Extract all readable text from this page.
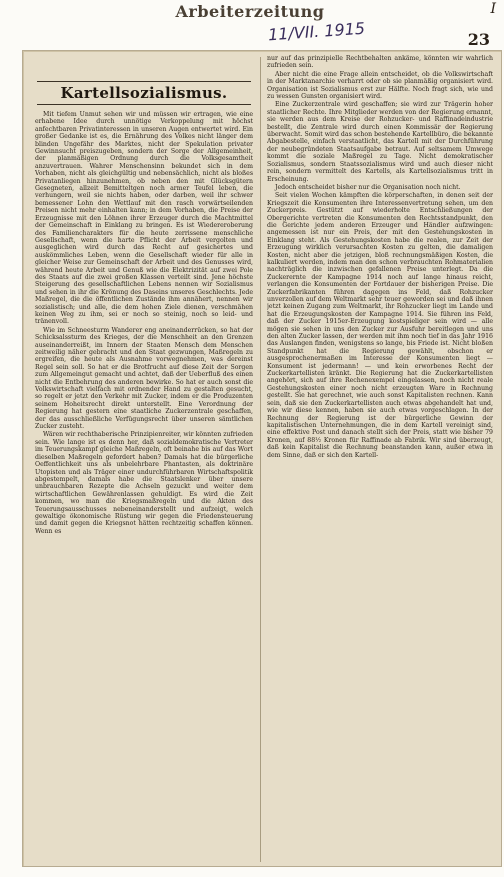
Arbeiterzeitung	I
11/VII. 1915	23
Kartellsozialismus.

Mit tiefem Unmut sehen wir und müssen wir ertragen, wie eine erhabene Idee durch unnötige Verkoppelung mit höchst anfechtbaren Privatinteressen in unseren Augen entwertet wird. Ein großer Gedanke ist es, die Ernährung des Volkes nicht länger dem blinden Ungefähr des Marktes, nicht der Spekulation privater Gewinnsucht preiszugeben, sondern der Sorge der Allgemeinheit, der planmäßigen Ordnung durch die Volksgesamtheit anzuvertrauen. Wahrer Menschensinn bekundet sich in dem Vorhaben, nicht als gleichgültig und nebensächlich, nicht als bloßes Privatanliegen hinzunehmen, ob neben den mit Glücksgütern Gesegneten, allzeit Bemitteltgen noch armer Teufel leben, die verhungern, weil sie nichts haben, oder darben, weil ihr schwer bemessener Lohn den Wettlauf mit den rasch vorwärtseilenden Preisen nicht mehr einhalten kann; in dem Vorhaben, die Preise der Erzeugnisse mit den Löhnen ihrer Erzeuger durch die Machtmittel der Gemeinschaft in Einklang zu bringen. Es ist Wiedereroberung des Familiencharakters für die heute zerrissene menschliche Gesellschaft, wenn die harte Pflicht der Arbeit vergolten und ausgeglichen wird durch das Recht auf gesichertes und auskömmliches Leben, wenn die Gesellschaft wieder für alle in gleicher Weise zur Gemeinschaft der Arbeit und des Genusses wird, während heute Arbeit und Genuß wie die Elektrizität auf zwei Pole des Staats auf die zwei großen Klassen verteilt sind. Jene höchste Steigerung des gesellschaftlichen Lebens nennen wir Sozialismus und sehen in ihr die Krönung des Daseins unseres Geschlechts. Jede Maßregel, die die öffentlichen Zustände ihm annähert, nennen wir sozialistisch; und alle, die dem hohen Ziele dienen, verschmähen keinen Weg zu ihm, sei er noch so steinig, noch so leid- und tränenvoll.

Wie im Schneesturm Wanderer eng aneinanderrücken, so hat der Schicksalssturm des Krieges, der die Menschheit an den Grenzen auseinanderreißt, im Innern der Staaten Mensch dem Menschen zeitweilig näher gebracht und den Staat gezwungen, Maßregeln zu ergreifen, die heute als Ausnahme vorwegnehmen, was dereinst Regel sein soll. So hat er die Brotfrucht auf diese Zeit der Sorgen zum Allgemeingut gemacht und achtet, daß der Ueberfluß des einen nicht die Entbehrung des anderen bewirke. So hat er auch sonst die Volkswirtschaft vielfach mit ordnender Hand zu gestalten gesucht, so regelt er jetzt den Verkehr mit Zucker, indem er die Produzenten seinem Hoheitsrecht direkt unterstellt. Eine Verordnung der Regierung hat gestern eine staatliche Zuckerzentrale geschaffen, der das ausschließliche Verfügungsrecht über unseren sämtlichen Zucker zusteht.

Wären wir rechthaberische Prinzipienreiter, wir könnten zufrieden sein. Wie lange ist es denn her, daß sozialdemokratische Vertreter im Teuerungskampf gleiche Maßregeln, oft beinahe bis auf das Wort dieselben Maßregeln gefordert haben? Damals hat die bürgerliche Oeffentlichkeit uns als unbelehrbare Phantasten, als doktrinäre Utopisten und als Träger einer undurchführbaren Wirtschaftspolitik abgestempelt, damals habe die Staatslenker über unsere unbrauchbaren Rezepte die Achseln gezuckt und weiter dem wirtschaftlichen Gewährenlassen gehuldigt. Es wird die Zeit kommen, wo man die Kriegsmaßregeln und die Akten des Teuerungsausschusses nebeneinanderstellt und aufzeigt, welch gewaltige ökonomische Rüstung wir gegen die Friedensteuerung und damit gegen die Kriegsnot hätten rechtzeitig schaffen können. Wenn es

nur auf das prinzipielle Rechtbehalten ankäme, könnten wir wahrlich zufrieden sein.

Aber nicht die eine Frage allein entscheidet, ob die Volkswirtschaft in der Marktanarchie verharrt oder ob sie planmäßig organisiert wird. Organisation ist Sozialismus erst zur Hälfte. Noch fragt sich, wie und zu wessen Gunsten organisiert wird.

Eine Zuckerzentrale wird geschaffen; sie wird zur Trägerin hoher staatlicher Rechte. Ihre Mitglieder werden von der Regierung ernannt, sie werden aus dem Kreise der Rohzucker- und Raffinadeindustrie bestellt, die Zentrale wird durch einen Kommissär der Regierung überwacht. Somit wird das schon bestehende Kartellbüro, die bekannte Abgabestelle, einfach verstaatlicht, das Kartell mit der Durchführung der neubegründeten Staatsaufgabe betraut. Auf seltsamem Umwege kommt die soziale Maßregel zu Tage. Nicht demokratischer Sozialismus, sondern Staatssozialismus wird und auch dieser nicht rein, sondern vermittelt des Kartells, als Kartellsozialismus tritt in Erscheinung.

Jedoch entscheidet bisher nur die Organisation noch nicht.

Seit vielen Wochen kämpften die körperschaften, in denen seit der Kriegszeit die Konsumenten ihre Interessenvertretung sehen, um den Zuckerpreis. Gestützt auf wiederholte Entschließungen der Obergerichte vertreten die Konsumenten den Rechtsstandpunkt, den die Gerichte jedem anderen Erzeuger und Händler aufzwingen: angemessen ist nur ein Preis, der mit den Gestehungskosten in Einklang steht. Als Gestehungskosten habe die realen, zur Zeit der Erzeugung wirklich verursachten Kosten zu gelten, die damaligen Kosten, nicht aber die jetzigen, bloß rechnungsmäßigen Kosten, die kalkuliert werden, indem man den schon verbrauchten Rohmaterialien nachträglich die inzwischen gefallenen Preise unterlegt. Da die Zuckerernte der Kampagne 1914 noch auf lange hinaus reicht, verlangen die Konsumenten der Fortdauer der bisherigen Preise. Die Zuckerfabrikanten führen dagegen ins Feld, daß Rohzucker unverzollen auf dem Weltmarkt sehr teuer geworden sei und daß ihnen jetzt keinen Zugang zum Weltmarkt, ihr Rohzucker liegt im Lande und hat die Erzeugungskosten der Kampagne 1914. Sie führen ins Feld, daß der Zucker 1915er-Erzeugung kostspieliger sein wird — alle mögen sie sehen in uns den Zucker zur Ausfuhr bereitlegen und uns den alten Zucker lassen, der werden mit ihm noch tief in das Jahr 1916 das Auslangen finden, wenigstens so lange, bis Friede ist. Nicht bloßen Standpunkt hat die Regierung gewählt, obschon er ausgesprochenermaßen im Interesse der Konsumenten liegt — Konsument ist jedermann! — und kein erworbenes Recht der Zuckerkartellisten kränkt. Die Regierung hat die Zuckerkartellisten angehört, sich auf ihre Rechenexempel eingelassen, noch nicht reale Gestehungskosten einer noch nicht erzeugten Ware in Rechnung gestellt. Sie hat gerechnet, wie auch sonst Kapitalisten rechnen. Kann sein, daß sie den Zuckerkartellisten auch etwas abgehandelt hat und, wie wir diese kennen, haben sie auch etwas vorgeschlagen. In der Rechnung der Regierung ist der bürgerliche Gewinn der kapitalistischen Unternehmungen, die in dem Kartell vereinigt sind, eine effektive Post und danach stellt sich der Preis, statt wie bisher 79 Kronen, auf 88½ Kronen für Raffinade ab Fabrik. Wir sind überzeugt, daß kein Kapitalist die Rechnung beanstanden kann, außer etwa in dem Sinne, daß er sich den Kartell-
